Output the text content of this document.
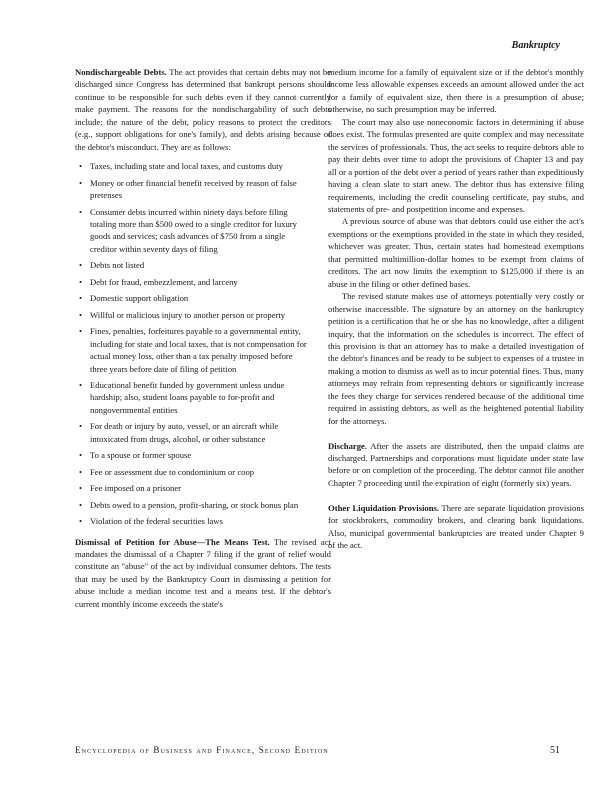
Bankruptcy

Nondischargeable Debts. The act provides that certain debts may not be discharged since Congress has determined that bankrupt persons should continue to be responsible for such debts even if they cannot currently make payment. The reasons for the nondischargability of such debts include: the nature of the debt, policy reasons to protect the creditors (e.g., support obligations for one's family), and debts arising because of the debtor's misconduct. They are as follows:

• Taxes, including state and local taxes, and customs duty
• Money or other financial benefit received by reason of false pretenses
• Consumer debts incurred within ninety days before filing totaling more than $500 owed to a single creditor for luxury goods and services; cash advances of $750 from a single creditor within seventy days of filing
• Debts not listed
• Debt for fraud, embezzlement, and larceny
• Domestic support obligation
• Willful or malicious injury to another person or property
• Fines, penalties, forfeitures payable to a governmental entity, including for state and local taxes, that is not compensation for actual money loss, other than a tax penalty imposed before three years before date of filing of petition
• Educational benefit funded by government unless undue hardship; also, student loans payable to for-profit and nongovernmental entities
• For death or injury by auto, vessel, or an aircraft while intoxicated from drugs, alcohol, or other substance
• To a spouse or former spouse
• Fee or assessment due to condominium or coop
• Fee imposed on a prisoner
• Debts owed to a pension, profit-sharing, or stock bonus plan
• Violation of the federal securities laws

Dismissal of Petition for Abuse—The Means Test. The revised act mandates the dismissal of a Chapter 7 filing if the grant of relief would constitute an "abuse" of the act by individual consumer debtors. The tests that may be used by the Bankruptcy Court in dismissing a petition for abuse include a median income test and a means test. If the debtor's current monthly income exceeds the state's

medium income for a family of equivalent size or if the debtor's monthly income less allowable expenses exceeds an amount allowed under the act for a family of equivalent size, then there is a presumption of abuse; otherwise, no such presumption may be inferred.

The court may also use noneconomic factors in determining if abuse does exist. The formulas presented are quite complex and may necessitate the services of professionals. Thus, the act seeks to require debtors able to pay their debts over time to adopt the provisions of Chapter 13 and pay all or a portion of the debt over a period of years rather than expeditiously having a clean slate to start anew. The debtor thus has extensive filing requirements, including the credit counseling certificate, pay stubs, and statements of pre- and postpetition income and expenses.

A previous source of abuse was that debtors could use either the act's exemptions or the exemptions provided in the state in which they resided, whichever was greater. Thus, certain states had homestead exemptions that permitted multimillion-dollar homes to be exempt from claims of creditors. The act now limits the exemption to $125,000 if there is an abuse in the filing or other defined bases.

The revised statute makes use of attorneys potentially very costly or otherwise inaccessible. The signature by an attorney on the bankruptcy petition is a certification that he or she has no knowledge, after a diligent inquiry, that the information on the schedules is incorrect. The effect of this provision is that an attorney has to make a detailed investigation of the debtor's finances and be ready to be subject to expenses of a trustee in making a motion to dismiss as well as to incur potential fines. Thus, many attorneys may refrain from representing debtors or significantly increase the fees they charge for services rendered because of the additional time required in assisting debtors, as well as the heightened potential liability for the attorneys.

Discharge. After the assets are distributed, then the unpaid claims are discharged. Partnerships and corporations must liquidate under state law before or on completion of the proceeding. The debtor cannot file another Chapter 7 proceeding until the expiration of eight (formerly six) years.

Other Liquidation Provisions. There are separate liquidation provisions for stockbrokers, commodity brokers, and clearing bank liquidations. Also, municipal governmental bankruptcies are treated under Chapter 9 of the act.

Encyclopedia of Business and Finance, Second Edition	51
